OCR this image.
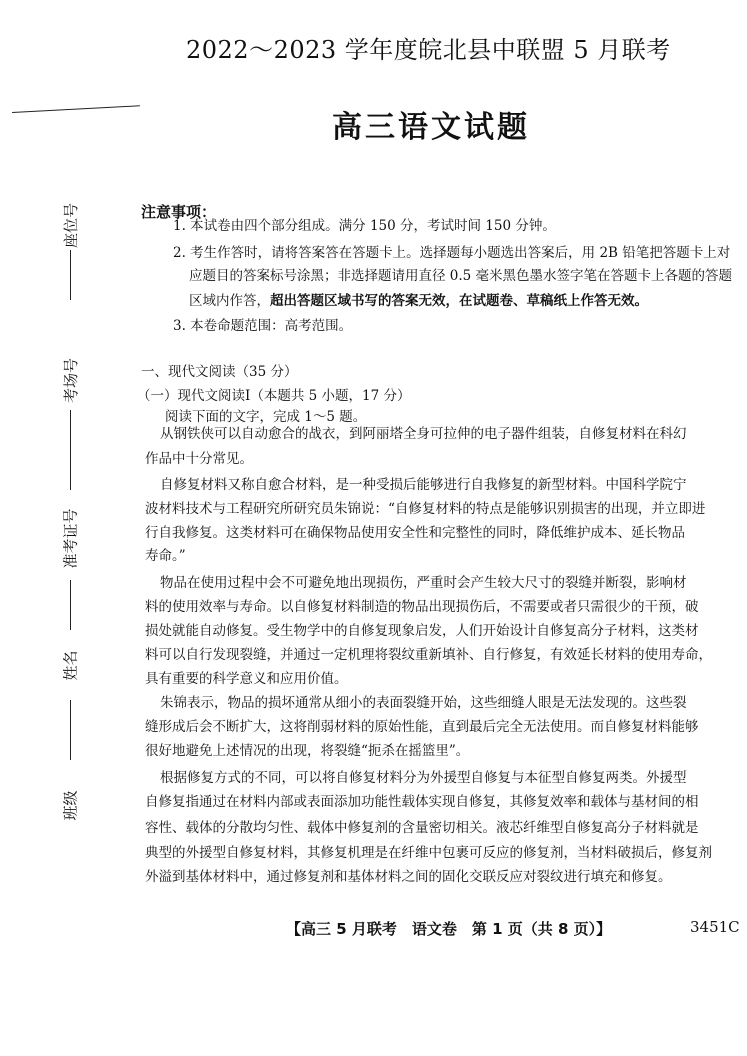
座位号
考场号
准考证号
姓名
班级
2022～2023 学年度皖北县中联盟 5 月联考
高三语文试题
注意事项：
1. 本试卷由四个部分组成。满分 150 分，考试时间 150 分钟。
2. 考生作答时，请将答案答在答题卡上。选择题每小题选出答案后，用 2B 铅笔把答题卡上对
应题目的答案标号涂黑；非选择题请用直径 0.5 毫米黑色墨水签字笔在答题卡上各题的答题
区域内作答，超出答题区域书写的答案无效，在试题卷、草稿纸上作答无效。
3. 本卷命题范围：高考范围。
一、现代文阅读（35 分）
（一）现代文阅读Ⅰ（本题共 5 小题，17 分）
阅读下面的文字，完成 1～5 题。
从钢铁侠可以自动愈合的战衣，到阿丽塔全身可拉伸的电子器件组装，自修复材料在科幻
作品中十分常见。
自修复材料又称自愈合材料，是一种受损后能够进行自我修复的新型材料。中国科学院宁
波材料技术与工程研究所研究员朱锦说：“自修复材料的特点是能够识别损害的出现，并立即进
行自我修复。这类材料可在确保物品使用安全性和完整性的同时，降低维护成本、延长物品
寿命。”
物品在使用过程中会不可避免地出现损伤，严重时会产生较大尺寸的裂缝并断裂，影响材
料的使用效率与寿命。以自修复材料制造的物品出现损伤后，不需要或者只需很少的干预，破
损处就能自动修复。受生物学中的自修复现象启发，人们开始设计自修复高分子材料，这类材
料可以自行发现裂缝，并通过一定机理将裂纹重新填补、自行修复，有效延长材料的使用寿命，
具有重要的科学意义和应用价值。
朱锦表示，物品的损坏通常从细小的表面裂缝开始，这些细缝人眼是无法发现的。这些裂
缝形成后会不断扩大，这将削弱材料的原始性能，直到最后完全无法使用。而自修复材料能够
很好地避免上述情况的出现，将裂缝“扼杀在摇篮里”。
根据修复方式的不同，可以将自修复材料分为外援型自修复与本征型自修复两类。外援型
自修复指通过在材料内部或表面添加功能性载体实现自修复，其修复效率和载体与基材间的相
容性、载体的分散均匀性、载体中修复剂的含量密切相关。液芯纤维型自修复高分子材料就是
典型的外援型自修复材料，其修复机理是在纤维中包裹可反应的修复剂，当材料破损后，修复剂
外溢到基体材料中，通过修复剂和基体材料之间的固化交联反应对裂纹进行填充和修复。
【高三 5 月联考　语文卷　第 1 页（共 8 页）】	3451C
